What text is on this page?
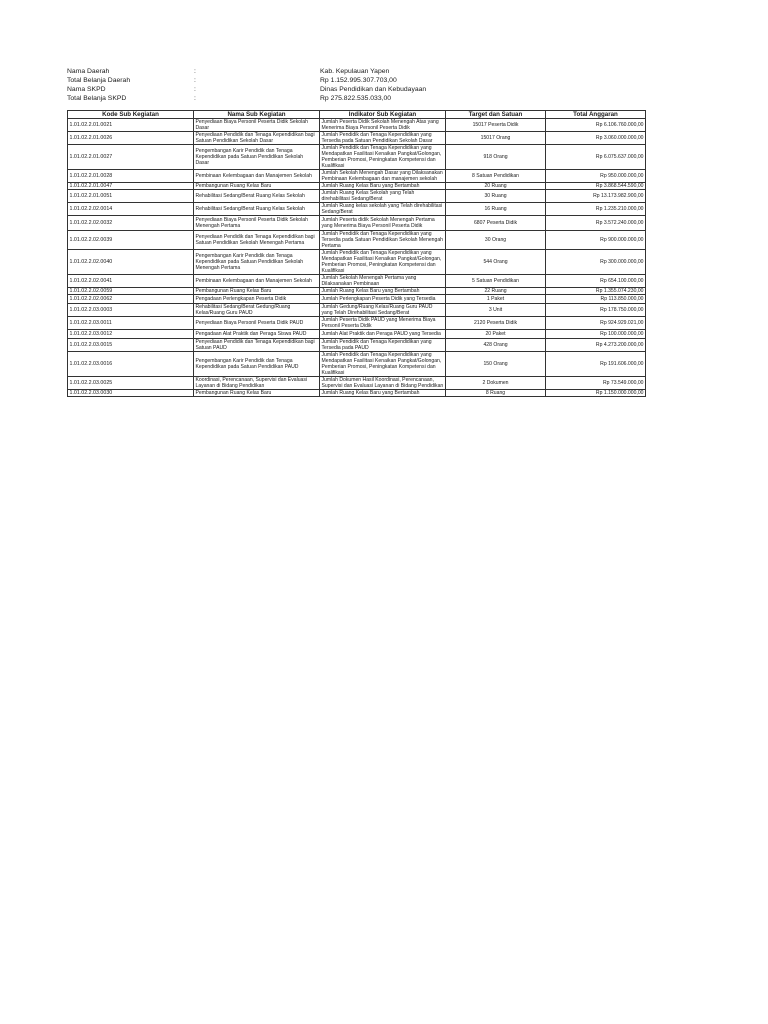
Nama Daerah	:	Kab. Kepulauan Yapen
Total Belanja Daerah	:	Rp 1.152.995.307.703,00
Nama SKPD	:	Dinas Pendidikan dan Kebudayaan
Total Belanja SKPD	:	Rp 275.822.535.033,00
Kode Sub Kegiatan	Nama Sub Kegiatan	Indikator Sub Kegiatan	Target dan Satuan	Total Anggaran
1.01.02.2.01.0021	Penyediaan Biaya Personil Peserta Didik Sekolah Dasar	Jumlah Peserta Didik Sekolah Menengah Atas yang Menerima Biaya Personil Peserta Didik	15017 Peserta Didik	Rp 6.106.760.000,00
1.01.02.2.01.0026	Penyediaan Pendidik dan Tenaga Kependidikan bagi Satuan Pendidikan Sekolah Dasar	Jumlah Pendidik dan Tenaga Kependidikan yang Tersedia pada Satuan Pendidikan Sekolah Dasar	15017 Orang	Rp 3.060.000.000,00
1.01.02.2.01.0027	Pengembangan Karir Pendidik dan Tenaga Kependidikan pada Satuan Pendidikan Sekolah Dasar	Jumlah Pendidik dan Tenaga Kependidikan yang Mendapatkan Fasilitasi Kenaikan Pangkat/Golongan, Pemberian Promosi, Peningkatan Kompetensi dan Kualifikasi	918 Orang	Rp 6.075.637.000,00
1.01.02.2.01.0028	Pembinaan Kelembagaan dan Manajemen Sekolah	Jumlah Sekolah Menengah Dasar yang Dilaksanakan Pembinaan Kelembagaan dan manajemen sekolah	8 Satuan Pendidikan	Rp 950.000.000,00
1.01.02.2.01.0047	Pembangunan Ruang Kelas Baru	Jumlah Ruang Kelas Baru yang Bertambah	20 Ruang	Rp 3.868.544.590,00
1.01.02.2.01.0051	Rehabilitasi Sedang/Berat Ruang Kelas Sekolah	Jumlah Ruang Kelas Sekolah yang Telah direhabilitasi Sedang/Berat	30 Ruang	Rp 13.173.982.900,00
1.01.02.2.02.0014	Rehabilitasi Sedang/Berat Ruang Kelas Sekolah	Jumlah Ruang kelas sekolah yang Telah direhabilitasi Sedang/Berat	16 Ruang	Rp 1.235.210.000,00
1.01.02.2.02.0032	Penyediaan Biaya Personil Peserta Didik Sekolah Menengah Pertama	Jumlah Peserta didik Sekolah Menengah Pertama yang Menerima Biaya Personil Peserta Didik	6807 Peserta Didik	Rp 3.572.240.000,00
1.01.02.2.02.0039	Penyediaan Pendidik dan Tenaga Kependidikan bagi Satuan Pendidikan Sekolah Menengah Pertama	Jumlah Pendidik dan Tenaga Kependidikan yang Tersedia pada Satuan Pendidikan Sekolah Menengah Pertama	30 Orang	Rp 900.000.000,00
1.01.02.2.02.0040	Pengembangan Karir Pendidik dan Tenaga Kependidikan pada Satuan Pendidikan Sekolah Menengah Pertama	Jumlah Pendidik dan Tenaga Kependidikan yang Mendapatkan Fasilitasi Kenaikan Pangkat/Golongan, Pemberian Promosi, Peningkatan Kompetensi dan Kualifikasi	544 Orang	Rp 300.000.000,00
1.01.02.2.02.0041	Pembinaan Kelembagaan dan Manajemen Sekolah	Jumlah Sekolah Menengah Pertama yang Dilaksanakan Pembinaan	5 Satuan Pendidikan	Rp 654.100.000,00
1.01.02.2.02.0059	Pembangunan Ruang Kelas Baru	Jumlah Ruang Kelas Baru yang Bertambah	22 Ruang	Rp 1.355.074.230,00
1.01.02.2.02.0062	Pengadaan Perlengkapan Peserta Didik	Jumlah Perlengkapan Peserta Didik yang Tersedia	1 Paket	Rp 113.850.000,00
1.01.02.2.03.0003	Rehabilitasi Sedang/Berat Gedung/Ruang Kelas/Ruang Guru PAUD	Jumlah Gedung/Ruang Kelas/Ruang Guru PAUD yang Telah Direhabilitasi Sedang/Berat	3 Unit	Rp 178.750.000,00
1.01.02.2.03.0011	Penyediaan Biaya Personil Peserta Didik PAUD	Jumlah Peserta Didik PAUD yang Menerima Biaya Personil Peserta Didik	2120 Peserta Didik	Rp 924.929.021,00
1.01.02.2.03.0012	Pengadaan Alat Praktik dan Peraga Siswa PAUD	Jumlah Alat Praktik dan Peraga PAUD yang Tersedia	20 Paket	Rp 100.000.000,00
1.01.02.2.03.0015	Penyediaan Pendidik dan Tenaga Kependidikan bagi Satuan PAUD	Jumlah Pendidik dan Tenaga Kependidikan yang Tersedia pada PAUD	428 Orang	Rp 4.273.200.000,00
1.01.02.2.03.0016	Pengembangan Karir Pendidik dan Tenaga Kependidikan pada Satuan Pendidikan PAUD	Jumlah Pendidik dan Tenaga Kependidikan yang Mendapatkan Fasilitasi Kenaikan Pangkat/Golongan, Pemberian Promosi, Peningkatan Kompetensi dan Kualifikasi	150 Orang	Rp 191.606.000,00
1.01.02.2.03.0025	Koordinasi, Perencanaan, Supervisi dan Evaluasi Layanan di Bidang Pendidikan	Jumlah Dokumen Hasil Koordinasi, Perencanaan, Supervisi dan Evaluasi Layanan di Bidang Pendidikan	2 Dokumen	Rp 73.549.000,00
1.01.02.2.03.0030	Pembangunan Ruang Kelas Baru	Jumlah Ruang Kelas Baru yang Bertambah	8 Ruang	Rp 1.150.000.000,00
